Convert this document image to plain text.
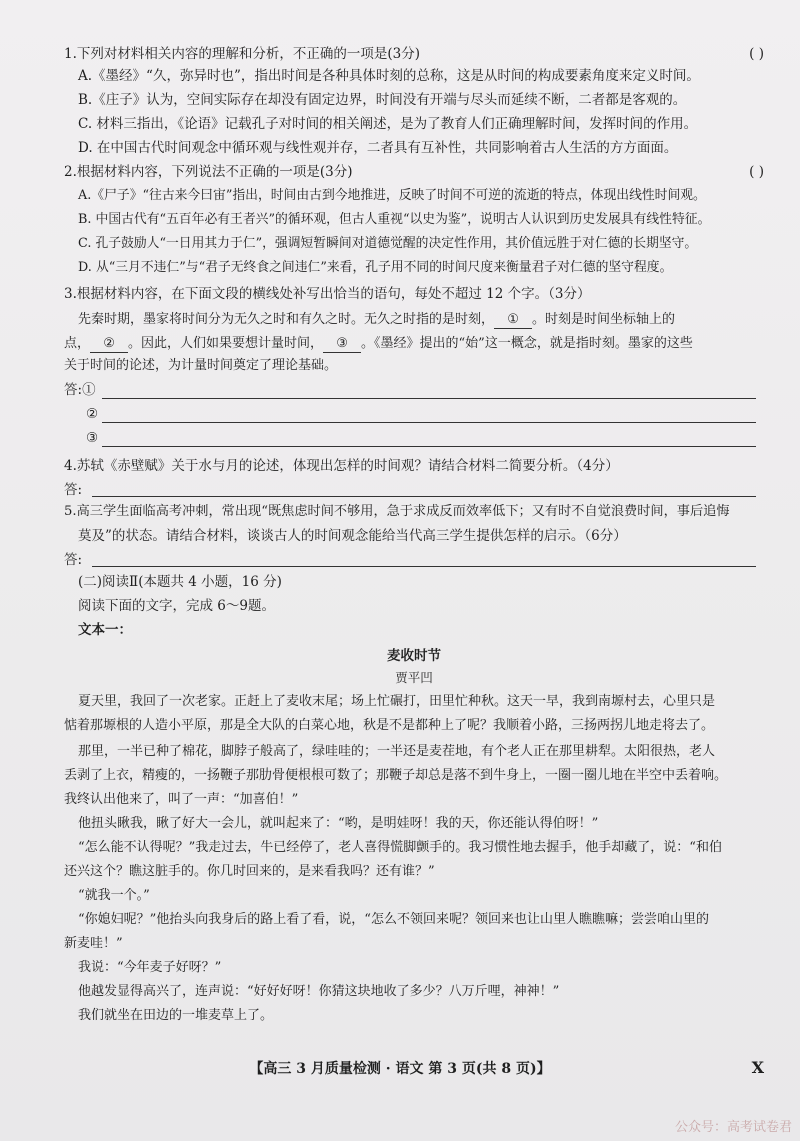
1.下列对材料相关内容的理解和分析，不正确的一项是(3分)	( )
A.《墨经》“久，弥异时也”，指出时间是各种具体时刻的总称，这是从时间的构成要素角度来定义时间。
B.《庄子》认为，空间实际存在却没有固定边界，时间没有开端与尽头而延续不断，二者都是客观的。
C. 材料三指出，《论语》记载孔子对时间的相关阐述，是为了教育人们正确理解时间，发挥时间的作用。
D. 在中国古代时间观念中循环观与线性观并存，二者具有互补性，共同影响着古人生活的方方面面。
2.根据材料内容，下列说法不正确的一项是(3分)	( )
A.《尸子》“往古来今曰宙”指出，时间由古到今地推进，反映了时间不可逆的流逝的特点，体现出线性时间观。
B. 中国古代有“五百年必有王者兴”的循环观，但古人重视“以史为鉴”，说明古人认识到历史发展具有线性特征。
C. 孔子鼓励人“一日用其力于仁”，强调短暂瞬间对道德觉醒的决定性作用，其价值远胜于对仁德的长期坚守。
D. 从“三月不违仁”与“君子无终食之间违仁”来看，孔子用不同的时间尺度来衡量君子对仁德的坚守程度。
3.根据材料内容，在下面文段的横线处补写出恰当的语句，每处不超过 12 个字。（3分）
先秦时期，墨家将时间分为无久之时和有久之时。无久之时指的是时刻， ① 。时刻是时间坐标轴上的
点， ② 。因此，人们如果要想计量时间， ③ 。《墨经》提出的“始”这一概念，就是指时刻。墨家的这些
关于时间的论述，为计量时间奠定了理论基础。
答:①
②
③
4.苏轼《赤壁赋》关于水与月的论述，体现出怎样的时间观？请结合材料二简要分析。（4分）
答:
5.高三学生面临高考冲刺，常出现“既焦虑时间不够用，急于求成反而效率低下；又有时不自觉浪费时间，事后追悔
莫及”的状态。请结合材料，谈谈古人的时间观念能给当代高三学生提供怎样的启示。（6分）
答:
(二)阅读Ⅱ(本题共 4 小题，16 分)
阅读下面的文字，完成 6～9题。
文本一：
麦收时节
贾平凹
夏天里，我回了一次老家。正赶上了麦收末尾；场上忙碾打，田里忙种秋。这天一早，我到南塬村去，心里只是
惦着那塬根的人造小平原，那是全大队的白菜心地，秋是不是都种上了呢？我顺着小路，三扬两拐儿地走将去了。
那里，一半已种了棉花，脚脖子般高了，绿哇哇的；一半还是麦茬地，有个老人正在那里耕犁。太阳很热，老人
丢剥了上衣，精瘦的，一扬鞭子那肋骨便根根可数了；那鞭子却总是落不到牛身上，一圈一圈儿地在半空中丢着响。
我终认出他来了，叫了一声：“加喜伯！”
他扭头瞅我，瞅了好大一会儿，就叫起来了：“哟，是明娃呀！我的天，你还能认得伯呀！”
“怎么能不认得呢？”我走过去，牛已经停了，老人喜得慌脚颤手的。我习惯性地去握手，他手却藏了，说：“和伯
还兴这个？瞧这脏手的。你几时回来的，是来看我吗？还有谁？”
“就我一个。”
“你媳妇呢？”他抬头向我身后的路上看了看，说，“怎么不领回来呢？领回来也让山里人瞧瞧嘛；尝尝咱山里的
新麦哇！”
我说：“今年麦子好呀？”
他越发显得高兴了，连声说：“好好好呀！你猜这块地收了多少？八万斤哩，神神！”
我们就坐在田边的一堆麦草上了。
【高三 3 月质量检测 · 语文 第 3 页(共 8 页)】	X
公众号：高考试卷君
